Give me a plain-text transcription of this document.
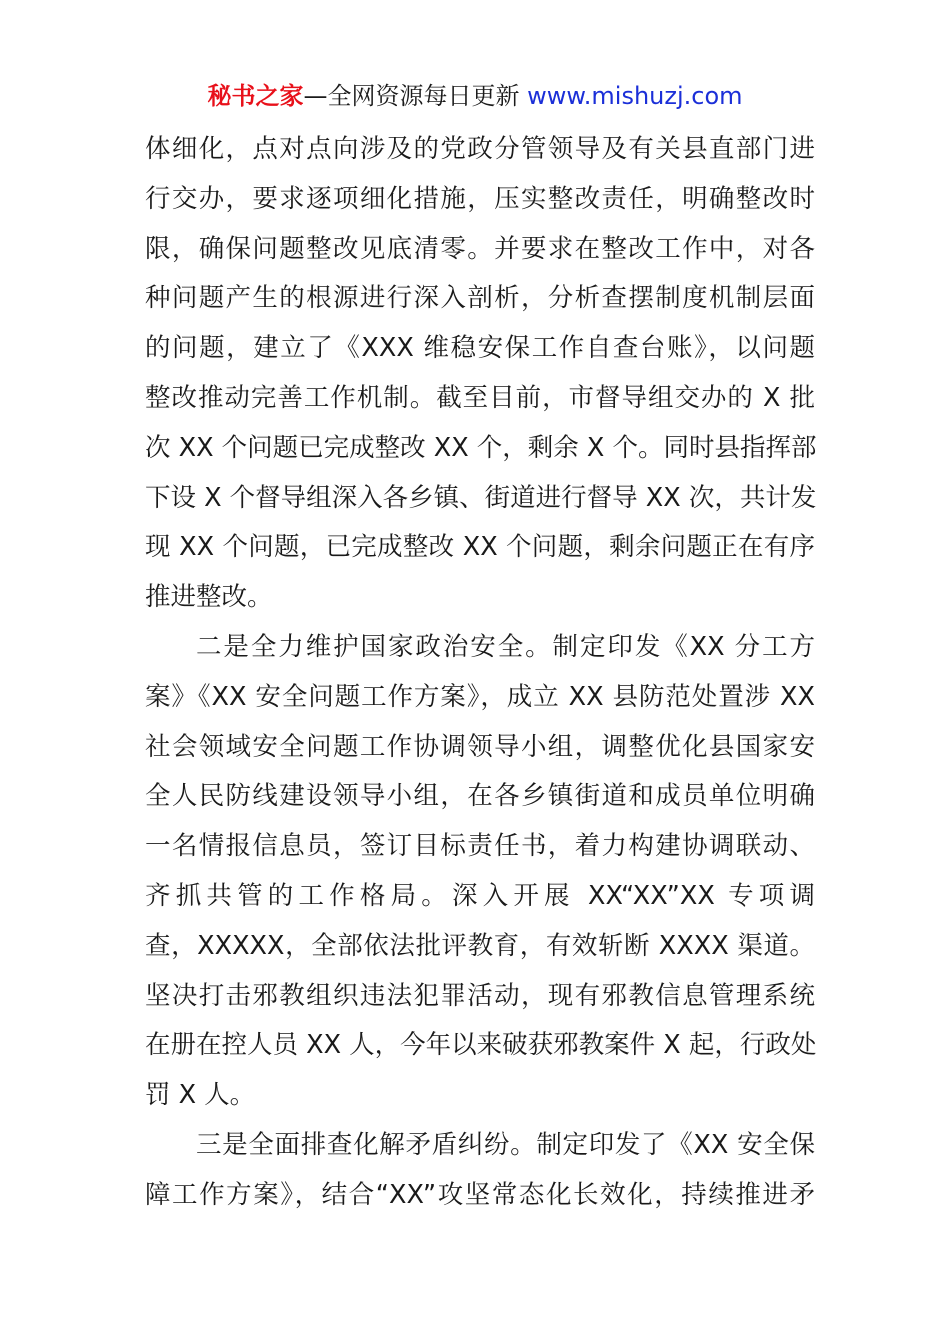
秘书之家—全网资源每日更新 www.mishuzj.com
体细化，点对点向涉及的党政分管领导及有关县直部门进
行交办，要求逐项细化措施，压实整改责任，明确整改时
限，确保问题整改见底清零。并要求在整改工作中，对各
种问题产生的根源进行深入剖析，分析查摆制度机制层面
的问题，建立了《XXX 维稳安保工作自查台账》，以问题
整改推动完善工作机制。截至目前，市督导组交办的 X 批
次 XX 个问题已完成整改 XX 个，剩余 X 个。同时县指挥部
下设 X 个督导组深入各乡镇、街道进行督导 XX 次，共计发
现 XX 个问题，已完成整改 XX 个问题，剩余问题正在有序
推进整改。
二是全力维护国家政治安全。制定印发《XX 分工方
案》《XX 安全问题工作方案》，成立 XX 县防范处置涉 XX
社会领域安全问题工作协调领导小组，调整优化县国家安
全人民防线建设领导小组，在各乡镇街道和成员单位明确
一名情报信息员，签订目标责任书，着力构建协调联动、
齐抓共管的工作格局。深入开展 XX“XX”XX 专项调
查，XXXXX，全部依法批评教育，有效斩断 XXXX 渠道。
坚决打击邪教组织违法犯罪活动，现有邪教信息管理系统
在册在控人员 XX 人，今年以来破获邪教案件 X 起，行政处
罚 X 人。
三是全面排查化解矛盾纠纷。制定印发了《XX 安全保
障工作方案》，结合“XX”攻坚常态化长效化，持续推进矛
